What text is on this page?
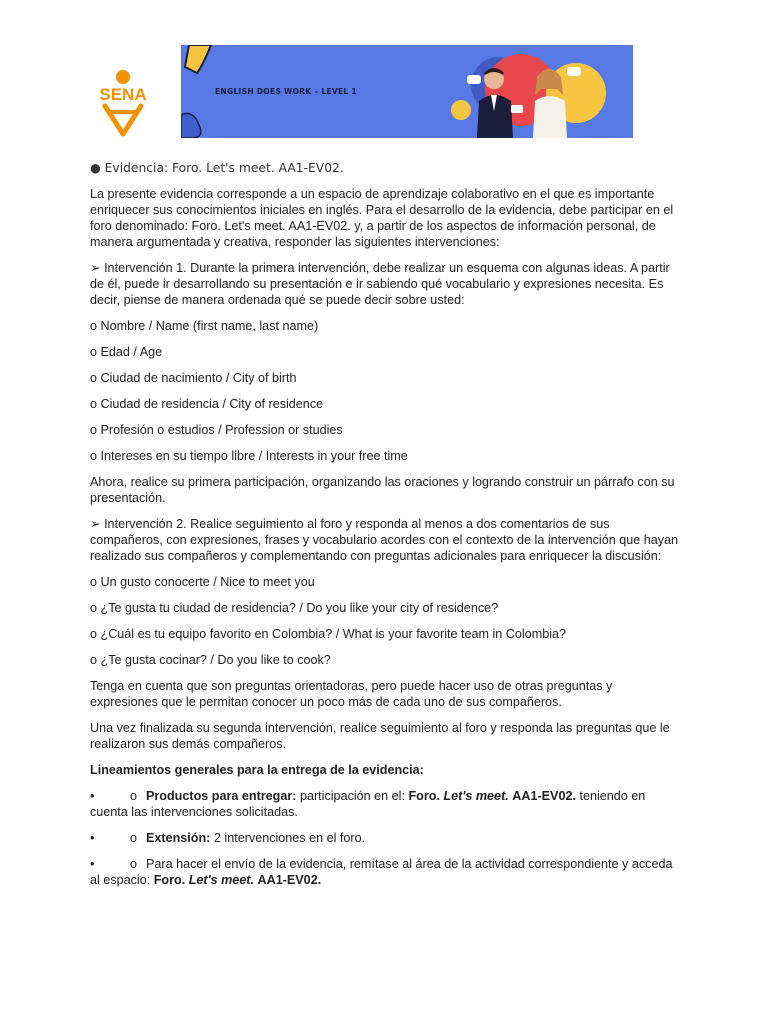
SENA	ENGLISH DOES WORK – LEVEL 1

● Evidencia: Foro. Let's meet. AA1-EV02.

La presente evidencia corresponde a un espacio de aprendizaje colaborativo en el que es importante enriquecer sus conocimientos iniciales en inglés. Para el desarrollo de la evidencia, debe participar en el foro denominado: Foro. Let's meet. AA1-EV02. y, a partir de los aspectos de información personal, de manera argumentada y creativa, responder las siguientes intervenciones:

➢ Intervención 1. Durante la primera intervención, debe realizar un esquema con algunas ideas. A partir de él, puede ir desarrollando su presentación e ir sabiendo qué vocabulario y expresiones necesita. Es decir, piense de manera ordenada qué se puede decir sobre usted:

o Nombre / Name (first name, last name)

o Edad / Age

o Ciudad de nacimiento / City of birth

o Ciudad de residencia / City of residence

o Profesión o estudios / Profession or studies

o Intereses en su tiempo libre / Interests in your free time

Ahora, realice su primera participación, organizando las oraciones y logrando construir un párrafo con su presentación.

➢ Intervención 2. Realice seguimiento al foro y responda al menos a dos comentarios de sus compañeros, con expresiones, frases y vocabulario acordes con el contexto de la intervención que hayan realizado sus compañeros y complementando con preguntas adicionales para enriquecer la discusión:

o Un gusto conocerte / Nice to meet you

o ¿Te gusta tu ciudad de residencia? / Do you like your city of residence?

o ¿Cuál es tu equipo favorito en Colombia? / What is your favorite team in Colombia?

o ¿Te gusta cocinar? / Do you like to cook?

Tenga en cuenta que son preguntas orientadoras, pero puede hacer uso de otras preguntas y expresiones que le permitan conocer un poco más de cada uno de sus compañeros.

Una vez finalizada su segunda intervención, realice seguimiento al foro y responda las preguntas que le realizaron sus demás compañeros.

Lineamientos generales para la entrega de la evidencia:

•	o Productos para entregar: participación en el: Foro. Let's meet. AA1-EV02. teniendo en cuenta las intervenciones solicitadas.

•	o Extensión: 2 intervenciones en el foro.

•	o Para hacer el envío de la evidencia, remítase al área de la actividad correspondiente y acceda al espacio: Foro. Let's meet. AA1-EV02.
